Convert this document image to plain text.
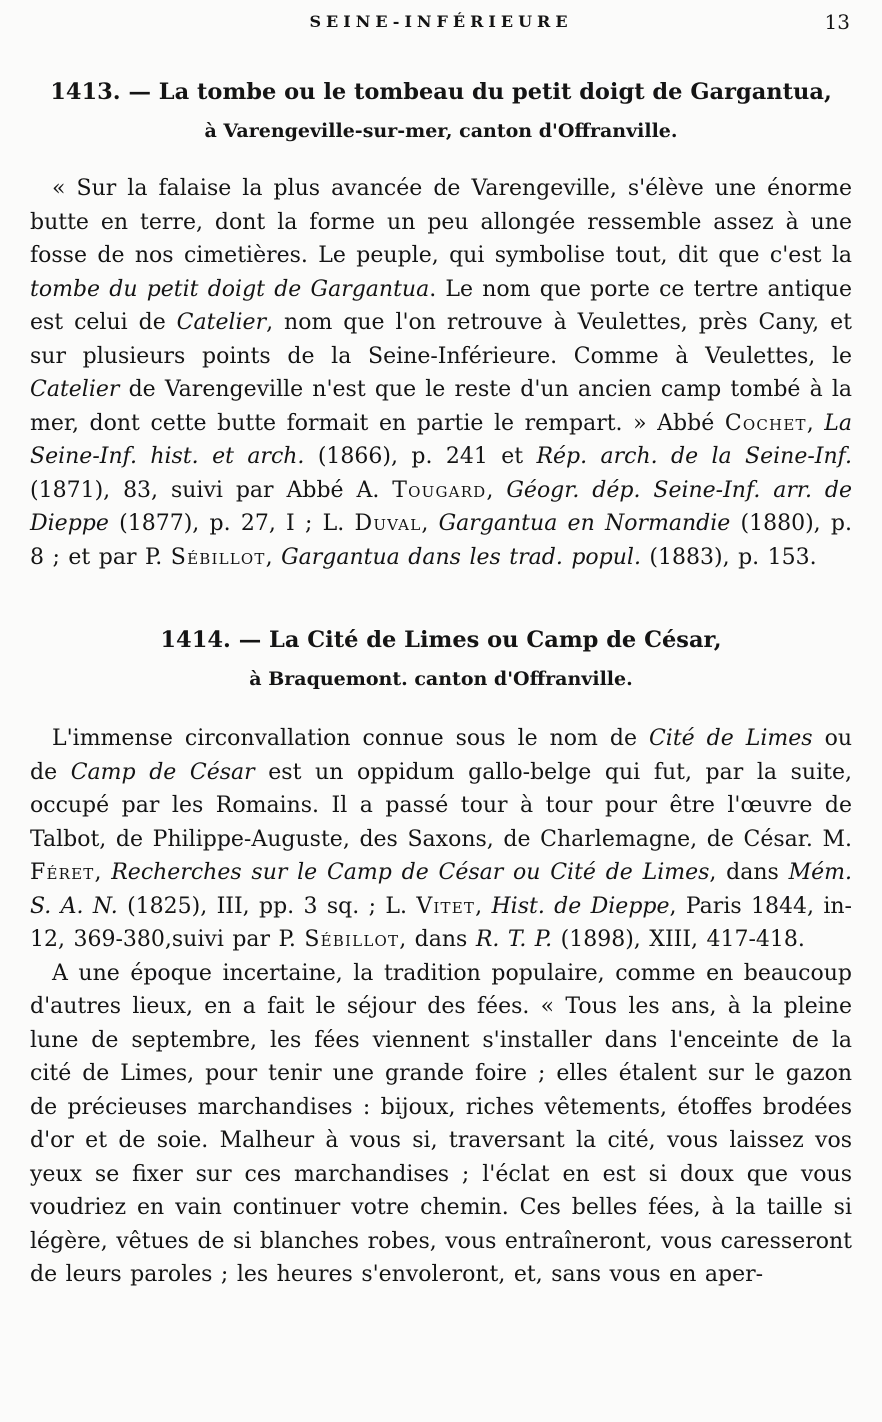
SEINE-INFÉRIEURE	13
1413. — La tombe ou le tombeau du petit doigt de Gargantua,
à Varengeville-sur-mer, canton d'Offranville.

« Sur la falaise la plus avancée de Varengeville, s'élève une énorme butte en terre, dont la forme un peu allongée ressemble assez à une fosse de nos cimetières. Le peuple, qui symbolise tout, dit que c'est la tombe du petit doigt de Gargantua. Le nom que porte ce tertre antique est celui de Catelier, nom que l'on retrouve à Veulettes, près Cany, et sur plusieurs points de la Seine-Inférieure. Comme à Veulettes, le Catelier de Varengeville n'est que le reste d'un ancien camp tombé à la mer, dont cette butte formait en partie le rempart. » Abbé Cochet, La Seine-Inf. hist. et arch. (1866), p. 241 et Rép. arch. de la Seine-Inf. (1871), 83, suivi par Abbé A. Tougard, Géogr. dép. Seine-Inf. arr. de Dieppe (1877), p. 27, I ; L. Duval, Gargantua en Normandie (1880), p. 8 ; et par P. Sébillot, Gargantua dans les trad. popul. (1883), p. 153.

1414. — La Cité de Limes ou Camp de César,
à Braquemont. canton d'Offranville.

L'immense circonvallation connue sous le nom de Cité de Limes ou de Camp de César est un oppidum gallo-belge qui fut, par la suite, occupé par les Romains. Il a passé tour à tour pour être l'œuvre de Talbot, de Philippe-Auguste, des Saxons, de Charlemagne, de César. M. Féret, Recherches sur le Camp de César ou Cité de Limes, dans Mém. S. A. N. (1825), III, pp. 3 sq. ; L. Vitet, Hist. de Dieppe, Paris 1844, in-12, 369-380,suivi par P. Sébillot, dans R. T. P. (1898), XIII, 417-418.

A une époque incertaine, la tradition populaire, comme en beaucoup d'autres lieux, en a fait le séjour des fées. « Tous les ans, à la pleine lune de septembre, les fées viennent s'installer dans l'enceinte de la cité de Limes, pour tenir une grande foire ; elles étalent sur le gazon de précieuses marchandises : bijoux, riches vêtements, étoffes brodées d'or et de soie. Malheur à vous si, traversant la cité, vous laissez vos yeux se fixer sur ces marchandises ; l'éclat en est si doux que vous voudriez en vain continuer votre chemin. Ces belles fées, à la taille si légère, vêtues de si blanches robes, vous entraîneront, vous caresseront de leurs paroles ; les heures s'envoleront, et, sans vous en aper-
